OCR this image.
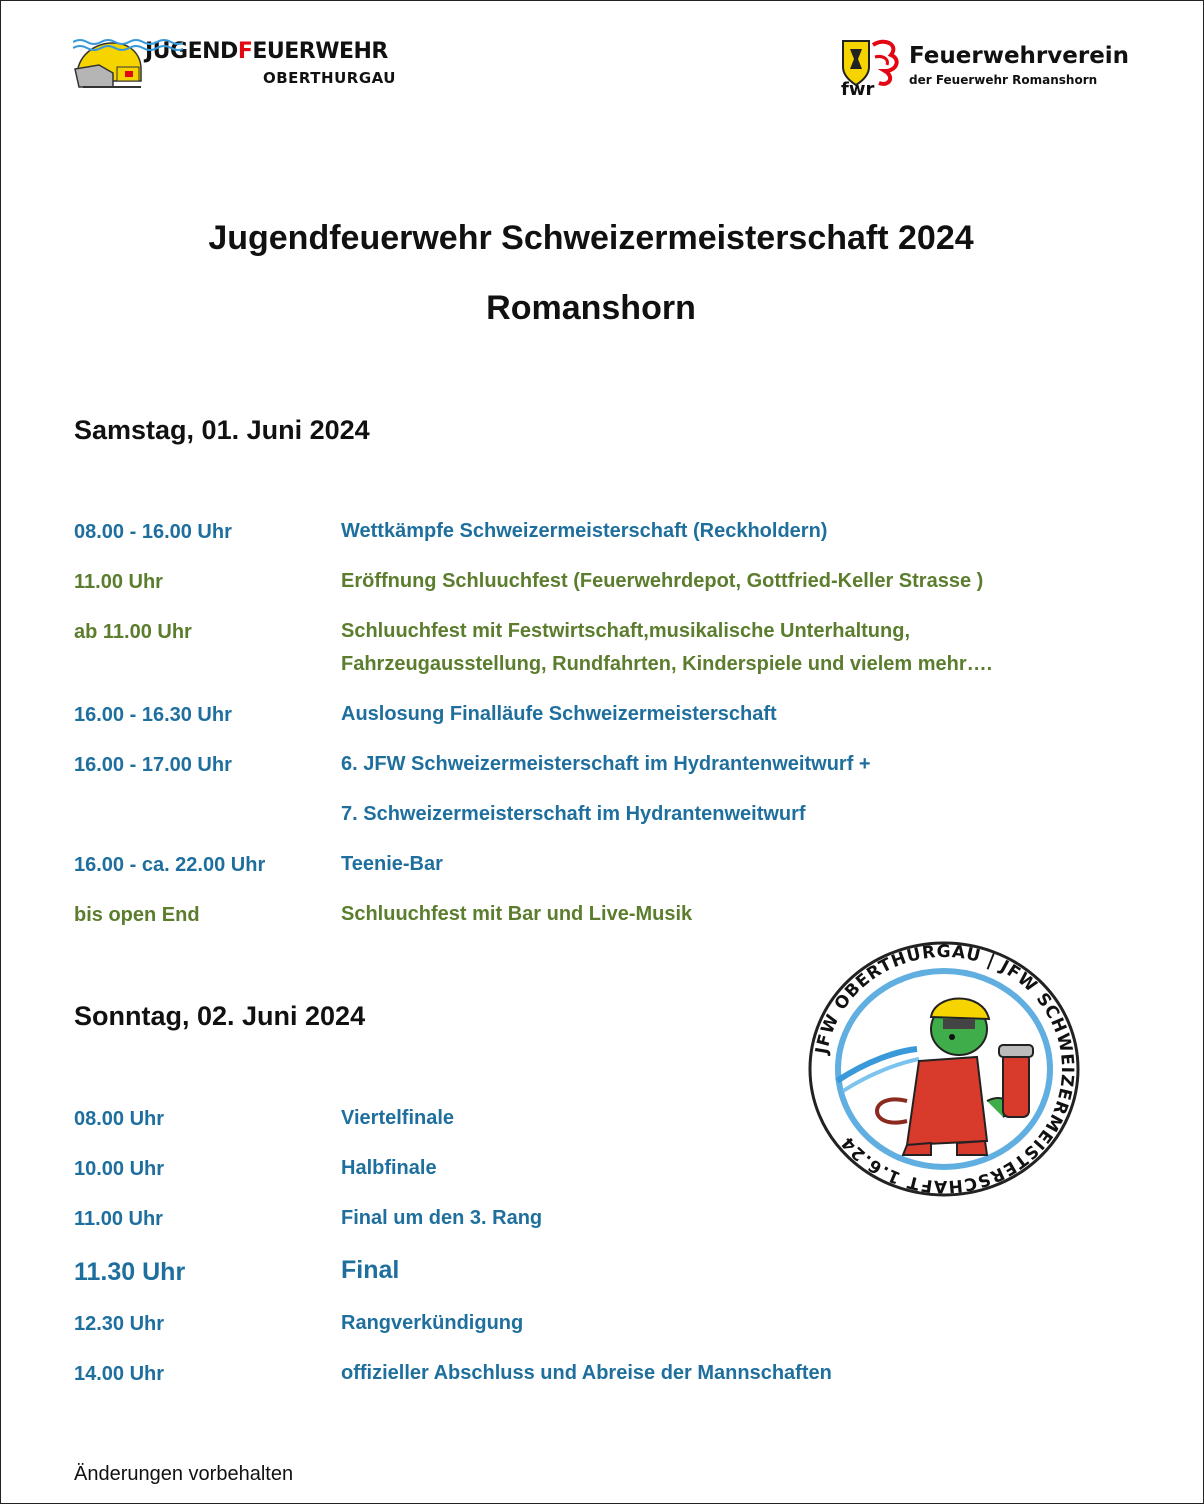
JUGENDFEUERWEHR
OBERTHURGAU
fwr
Feuerwehrverein
der Feuerwehr Romanshorn
Jugendfeuerwehr Schweizermeisterschaft 2024
Romanshorn
Samstag, 01. Juni 2024
08.00 - 16.00 Uhr	Wettkämpfe Schweizermeisterschaft (Reckholdern)
11.00 Uhr	Eröffnung Schluuchfest (Feuerwehrdepot, Gottfried-Keller Strasse )
ab 11.00 Uhr	Schluuchfest mit Festwirtschaft,musikalische Unterhaltung,
Fahrzeugausstellung, Rundfahrten, Kinderspiele und vielem mehr….
16.00 - 16.30 Uhr	Auslosung Finalläufe Schweizermeisterschaft
16.00 - 17.00 Uhr	6. JFW Schweizermeisterschaft im Hydrantenweitwurf +
7. Schweizermeisterschaft im Hydrantenweitwurf
16.00 - ca. 22.00 Uhr	Teenie-Bar
bis open End	Schluuchfest mit Bar und Live-Musik
Sonntag, 02. Juni 2024
08.00 Uhr	Viertelfinale
10.00 Uhr	Halbfinale
11.00 Uhr	Final um den 3. Rang
11.30 Uhr	Final
12.30 Uhr	Rangverkündigung
14.00 Uhr	offizieller Abschluss und Abreise der Mannschaften
JFW OBERTHURGAU | JFW SCHWEIZERMEISTERSCHAFT 1.6.24
Änderungen vorbehalten
